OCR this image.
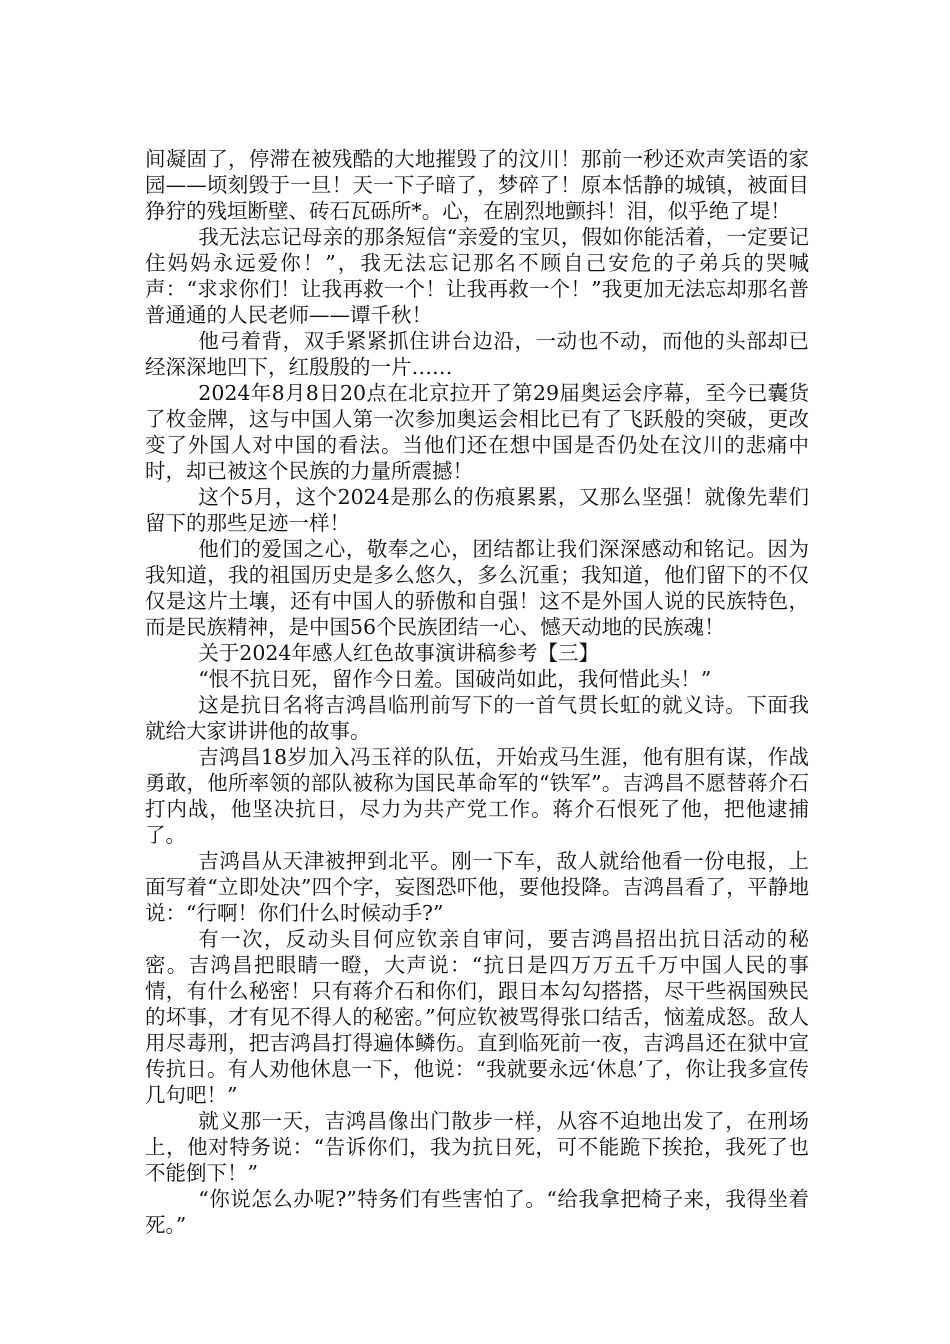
间凝固了，停滞在被残酷的大地摧毁了的汶川！那前一秒还欢声笑语的家园——顷刻毁于一旦！天一下子暗了，梦碎了！原本恬静的城镇，被面目狰狞的残垣断壁、砖石瓦砾所*。心，在剧烈地颤抖！泪，似乎绝了堤！

我无法忘记母亲的那条短信“亲爱的宝贝，假如你能活着，一定要记住妈妈永远爱你！”，我无法忘记那名不顾自己安危的子弟兵的哭喊声：“求求你们！让我再救一个！让我再救一个！”我更加无法忘却那名普普通通的人民老师——谭千秋！

他弓着背，双手紧紧抓住讲台边沿，一动也不动，而他的头部却已经深深地凹下，红殷殷的一片……

2024年8月8日20点在北京拉开了第29届奥运会序幕，至今已囊货了枚金牌，这与中国人第一次参加奥运会相比已有了飞跃般的突破，更改变了外国人对中国的看法。当他们还在想中国是否仍处在汶川的悲痛中时，却已被这个民族的力量所震撼！

这个5月，这个2024是那么的伤痕累累，又那么坚强！就像先辈们留下的那些足迹一样！

他们的爱国之心，敬奉之心，团结都让我们深深感动和铭记。因为我知道，我的祖国历史是多么悠久，多么沉重；我知道，他们留下的不仅仅是这片土壤，还有中国人的骄傲和自强！这不是外国人说的民族特色，而是民族精神，是中国56个民族团结一心、憾天动地的民族魂！

关于2024年感人红色故事演讲稿参考【三】

“恨不抗日死，留作今日羞。国破尚如此，我何惜此头！”

这是抗日名将吉鸿昌临刑前写下的一首气贯长虹的就义诗。下面我就给大家讲讲他的故事。

吉鸿昌18岁加入冯玉祥的队伍，开始戎马生涯，他有胆有谋，作战勇敢，他所率领的部队被称为国民革命军的“铁军”。吉鸿昌不愿替蒋介石打内战，他坚决抗日，尽力为共产党工作。蒋介石恨死了他，把他逮捕了。

吉鸿昌从天津被押到北平。刚一下车，敌人就给他看一份电报，上面写着“立即处决”四个字，妄图恐吓他，要他投降。吉鸿昌看了，平静地说：“行啊！你们什么时候动手?”

有一次，反动头目何应钦亲自审问，要吉鸿昌招出抗日活动的秘密。吉鸿昌把眼睛一瞪，大声说：“抗日是四万万五千万中国人民的事情，有什么秘密！只有蒋介石和你们，跟日本勾勾搭搭，尽干些祸国殃民的坏事，才有见不得人的秘密。”何应钦被骂得张口结舌，恼羞成怒。敌人用尽毒刑，把吉鸿昌打得遍体鳞伤。直到临死前一夜，吉鸿昌还在狱中宣传抗日。有人劝他休息一下，他说：“我就要永远‘休息’了，你让我多宣传几句吧！”

就义那一天，吉鸿昌像出门散步一样，从容不迫地出发了，在刑场上，他对特务说：“告诉你们，我为抗日死，可不能跪下挨抢，我死了也不能倒下！”

“你说怎么办呢?”特务们有些害怕了。“给我拿把椅子来，我得坐着死。”
